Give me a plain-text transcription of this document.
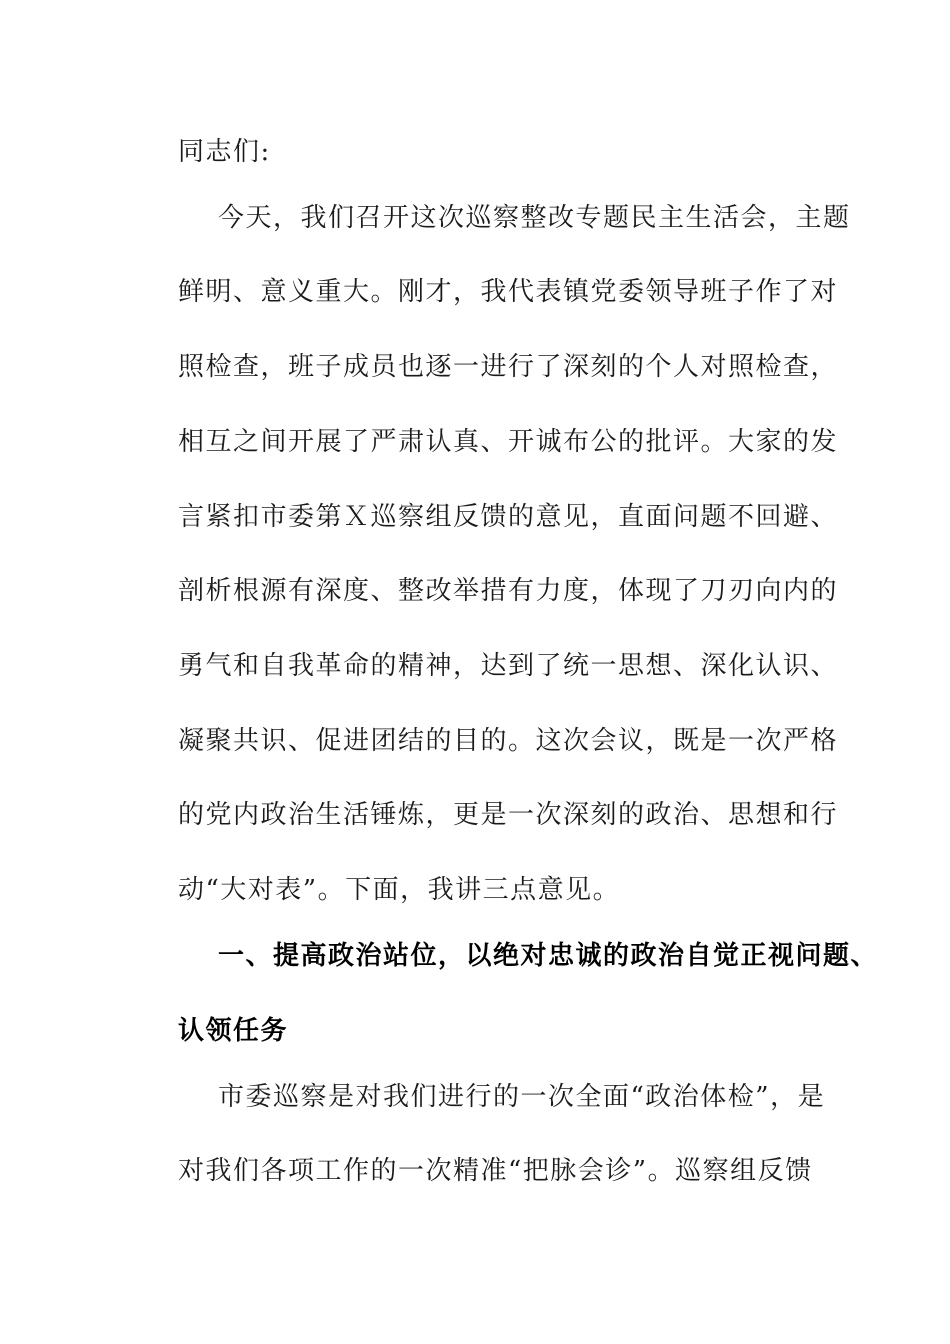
同志们:
今天，我们召开这次巡察整改专题民主生活会，主题
鲜明、意义重大。刚才，我代表镇党委领导班子作了对
照检查，班子成员也逐一进行了深刻的个人对照检查，
相互之间开展了严肃认真、开诚布公的批评。大家的发
言紧扣市委第Ｘ巡察组反馈的意见，直面问题不回避、
剖析根源有深度、整改举措有力度，体现了刀刃向内的
勇气和自我革命的精神，达到了统一思想、深化认识、
凝聚共识、促进团结的目的。这次会议，既是一次严格
的党内政治生活锤炼，更是一次深刻的政治、思想和行
动“大对表”。下面，我讲三点意见。
一、提高政治站位，以绝对忠诚的政治自觉正视问题、
认领任务
市委巡察是对我们进行的一次全面“政治体检”，是
对我们各项工作的一次精准“把脉会诊”。巡察组反馈
